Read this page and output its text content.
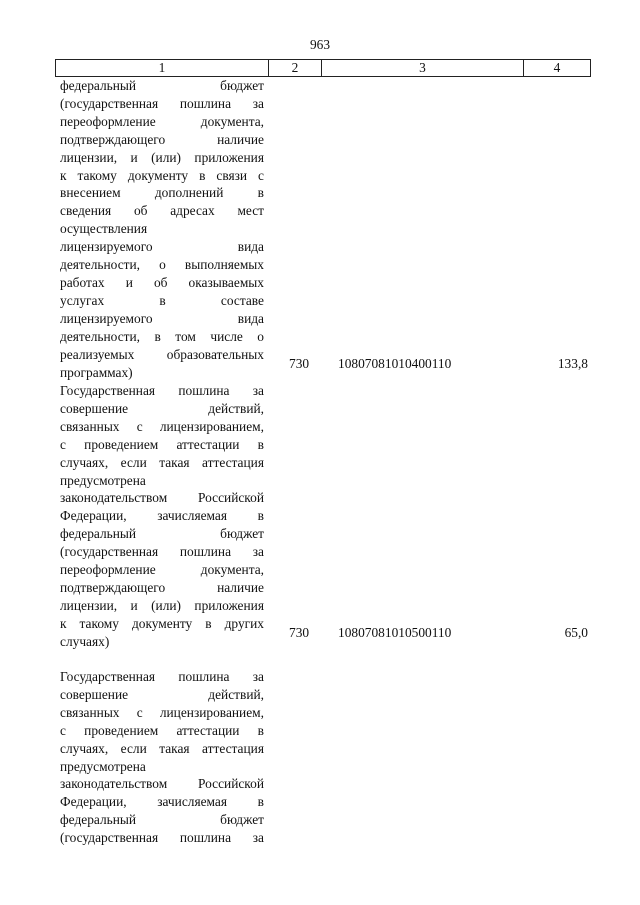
963
1	2	3	4
федеральный бюджет
(государственная пошлина за
переоформление документа,
подтверждающего наличие
лицензии, и (или) приложения
к такому документу в связи с
внесением дополнений в
сведения об адресах мест
осуществления
лицензируемого вида
деятельности, о выполняемых
работах и об оказываемых
услугах в составе
лицензируемого вида
деятельности, в том числе о
реализуемых образовательных
программах)
730 10807081010400110	133,8
Государственная пошлина за
совершение действий,
связанных с лицензированием,
с проведением аттестации в
случаях, если такая аттестация
предусмотрена
законодательством Российской
Федерации, зачисляемая в
федеральный бюджет
(государственная пошлина за
переоформление документа,
подтверждающего наличие
лицензии, и (или) приложения
к такому документу в других
случаях)
730 10807081010500110	65,0
Государственная пошлина за
совершение действий,
связанных с лицензированием,
с проведением аттестации в
случаях, если такая аттестация
предусмотрена
законодательством Российской
Федерации, зачисляемая в
федеральный бюджет
(государственная пошлина за
